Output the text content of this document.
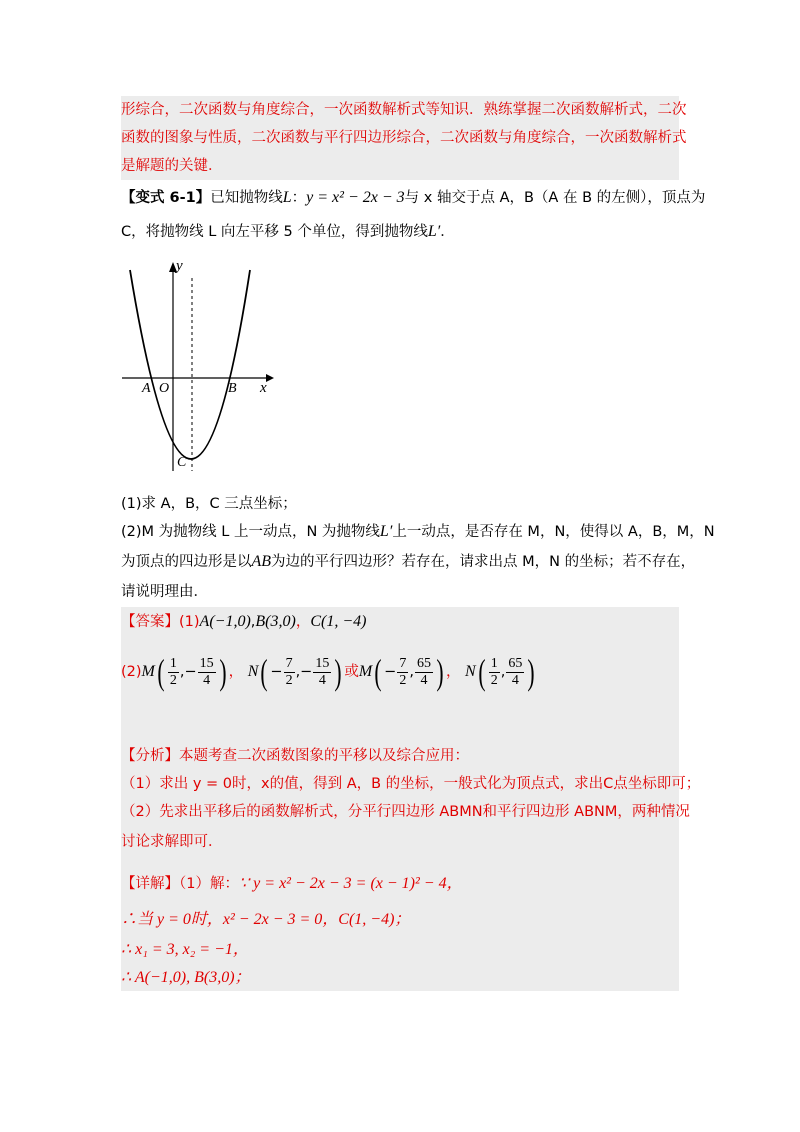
形综合，二次函数与角度综合，一次函数解析式等知识．熟练掌握二次函数解析式，二次
函数的图象与性质，二次函数与平行四边形综合，二次函数与角度综合，一次函数解析式
是解题的关键．
【变式 6-1】已知抛物线L：y = x² − 2x − 3与 x 轴交于点 A，B（A 在 B 的左侧），顶点为
C，将抛物线 L 向左平移 5 个单位，得到抛物线L′．
y
x
A O	B
C
(1)求 A，B，C 三点坐标；
(2)M 为抛物线 L 上一动点，N 为抛物线L′上一动点，是否存在 M，N，使得以 A，B，M，N
为顶点的四边形是以AB为边的平行四边形？若存在，请求出点 M，N 的坐标；若不存在，
请说明理由．
【答案】(1)A(−1,0),B(3,0)，C(1, −4)
$(2)M( \frac{1}{2}$ ,− $\frac{15}{4}$ ) ， $N( - \frac{7}{2}$ ,− $\frac{15}{4}$ ) 或$M( - \frac{7}{2}$ , $\frac{65}{4}$ ) ， $N( \frac{1}{2}$ , $\frac{65}{4}$ )
【分析】本题考查二次函数图象的平移以及综合应用：
（1）求出 y = 0时，x的值，得到 A，B 的坐标，一般式化为顶点式，求出C点坐标即可；
（2）先求出平移后的函数解析式，分平行四边形 ABMN和平行四边形 ABNM，两种情况
讨论求解即可．
【详解】（1）解：∵ y = x² − 2x − 3 = (x − 1)² − 4，
∴当 y = 0时，x² − 2x − 3 = 0，C(1, −4)；
∴ x₁ = 3, x₂ = −1，
∴ A(−1,0), B(3,0)；
